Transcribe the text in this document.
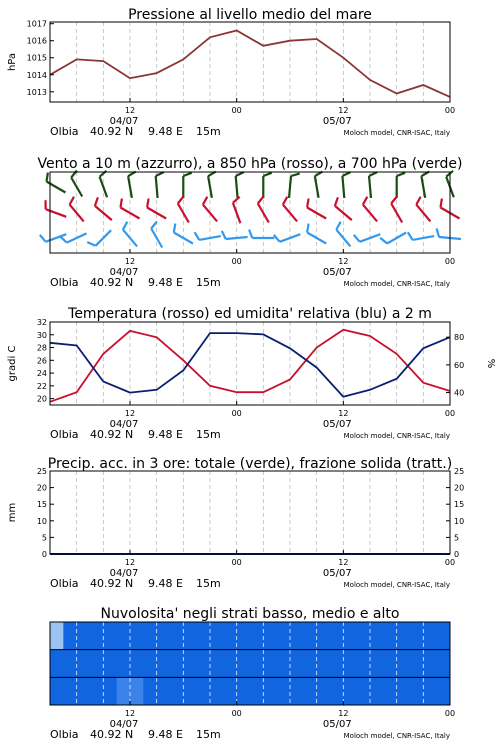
1013
1014
1015
1016
1017
hPa
Pressione al livello medio del mare
12
04/07
00	12
05/07
00
Olbia 40.92 N 9.48 E 15m	Moloch model, CNR-ISAC, Italy
Vento a 10 m (azzurro), a 850 hPa (rosso), a 700 hPa (verde)
12
04/07
00	12
05/07
00
Olbia 40.92 N 9.48 E 15m	Moloch model, CNR-ISAC, Italy
20
22
24
26
28
30
32
40
60
80
gradi C	%
Temperatura (rosso) ed umidita' relativa (blu) a 2 m
12
04/07
00	12
05/07
00
Olbia 40.92 N 9.48 E 15m	Moloch model, CNR-ISAC, Italy
0
5
10
15
20
25
0
5
10
15
20
25
mm
Precip. acc. in 3 ore: totale (verde), frazione solida (tratt.)
12
04/07
00	12
05/07
00
Olbia 40.92 N 9.48 E 15m	Moloch model, CNR-ISAC, Italy
Nuvolosita' negli strati basso, medio e alto
12
04/07
00	12
05/07
00
Olbia 40.92 N 9.48 E 15m	Moloch model, CNR-ISAC, Italy
